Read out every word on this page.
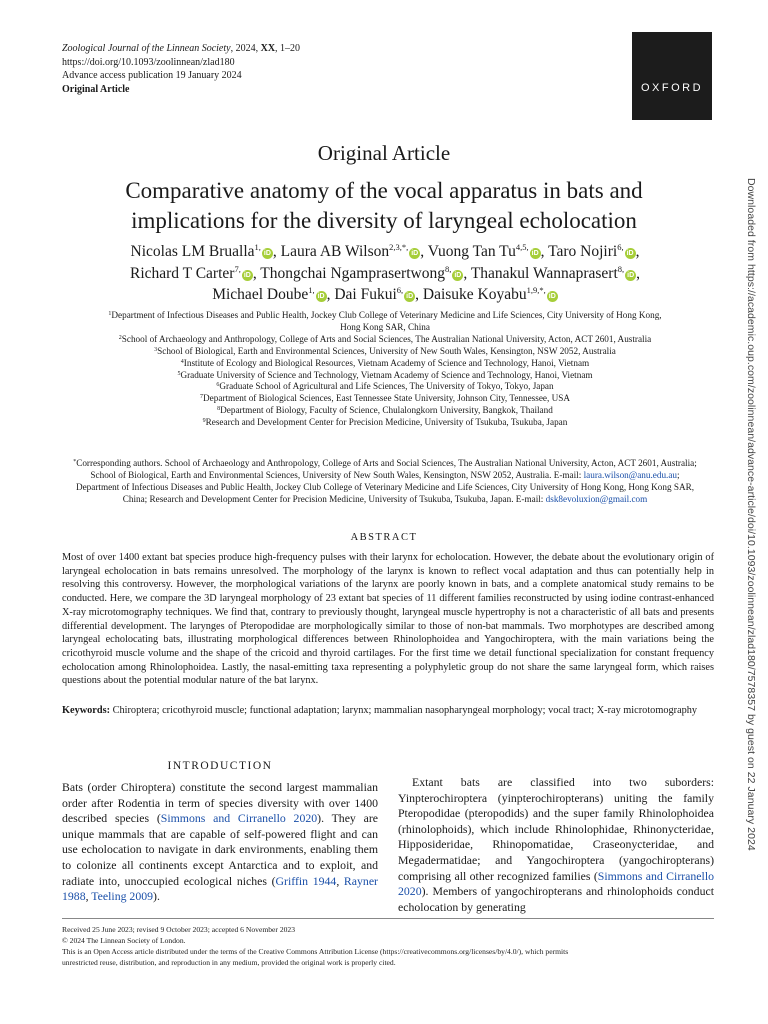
Zoological Journal of the Linnean Society, 2024, XX, 1–20
https://doi.org/10.1093/zoolinnean/zlad180
Advance access publication 19 January 2024
Original Article	OXFORD
Downloaded from https://academic.oup.com/zoolinnean/advance-article/doi/10.1093/zoolinnean/zlad180/7578357 by guest on 22 January 2024
Original Article
Comparative anatomy of the vocal apparatus in bats and
implications for the diversity of laryngeal echolocation
Nicolas LM Brualla$^{1,}$iD , Laura AB Wilson$^{2,3,*,}$iD , Vuong Tan $Tu^{4,5,}iD$ , Taro Nojiri$^{6,}$iD ,
Richard T Carter$^{7,}$iD , Thongchai Ngamprasertwong$^{8,}$iD , Thanakul Wannaprasert$^{8,}$iD ,
Michael Doube$^{1,}$iD , Dai Fukui$^{6,}$iD , Daisuke Koyabu$^{1,9,*,}$iD
$^1$Department of Infectious Diseases and Public Health, Jockey Club College of Veterinary Medicine and Life Sciences, City University of Hong Kong,
Hong Kong SAR, China
$^2$School of Archaeology and Anthropology, College of Arts and Social Sciences, The Australian National University, Acton, ACT 2601, Australia
$^3$School of Biological, Earth and Environmental Sciences, University of New South Wales, Kensington, NSW 2052, Australia
$^4$Institute of Ecology and Biological Resources, Vietnam Academy of Science and Technology, Hanoi, Vietnam
$^5$Graduate University of Science and Technology, Vietnam Academy of Science and Technology, Hanoi, Vietnam
$^6$Graduate School of Agricultural and Life Sciences, The University of Tokyo, Tokyo, Japan
$^7$Department of Biological Sciences, East Tennessee State University, Johnson City, Tennessee, USA
$^8$Department of Biology, Faculty of Science, Chulalongkorn University, Bangkok, Thailand
$^9$Research and Development Center for Precision Medicine, University of Tsukuba, Tsukuba, Japan
*Corresponding authors. School of Archaeology and Anthropology, College of Arts and Social Sciences, The Australian National University, Acton, ACT 2601, Australia;
School of Biological, Earth and Environmental Sciences, University of New South Wales, Kensington, NSW 2052, Australia. E-mail: laura.wilson@anu.edu.au;
Department of Infectious Diseases and Public Health, Jockey Club College of Veterinary Medicine and Life Sciences, City University of Hong Kong, Hong Kong SAR,
China; Research and Development Center for Precision Medicine, University of Tsukuba, Tsukuba, Japan. E-mail: dsk8evoluxion@gmail.com
ABSTRACT

Most of over 1400 extant bat species produce high-frequency pulses with their larynx for echolocation. However, the debate about the evolutionary origin of laryngeal echolocation in bats remains unresolved. The morphology of the larynx is known to reflect vocal adaptation and thus can potentially help in resolving this controversy. However, the morphological variations of the larynx are poorly known in bats, and a complete anatomical study remains to be conducted. Here, we compare the 3D laryngeal morphology of 23 extant bat species of 11 different families reconstructed by using iodine contrast-enhanced X-ray microtomography techniques. We find that, contrary to previously thought, laryngeal muscle hypertrophy is not a characteristic of all bats and presents differential development. The larynges of Pteropodidae are morphologically similar to those of non-bat mammals. Two morphotypes are described among laryngeal echolocating bats, illustrating morphological differences between Rhinolophoidea and Yangochiroptera, with the main variations being the cricothyroid muscle volume and the shape of the cricoid and thyroid cartilages. For the first time we detail functional specialization for constant frequency echolocation among Rhinolophoidea. Lastly, the nasal-emitting taxa representing a polyphyletic group do not share the same laryngeal form, which raises questions about the potential modular nature of the bat larynx.

Keywords: Chiroptera; cricothyroid muscle; functional adaptation; larynx; mammalian nasopharyngeal morphology; vocal tract; X-ray microtomography

INTRODUCTION

Bats (order Chiroptera) constitute the second largest mammalian order after Rodentia in term of species diversity with over 1400 described species (Simmons and Cirranello 2020). They are unique mammals that are capable of self-powered flight and can use echolocation to navigate in dark environments, enabling them to colonize all continents except Antarctica and to exploit, and radiate into, unoccupied ecological niches (Griffin 1944, Rayner 1988, Teeling 2009).

Extant bats are classified into two suborders: Yinpterochiroptera (yinpterochiropterans) uniting the family Pteropodidae (pteropodids) and the super family Rhinolophoidea (rhinolophoids), which include Rhinolophidae, Rhinonycteridae, Hipposideridae, Rhinopomatidae, Craseonycteridae, and Megadermatidae; and Yangochiroptera (yangochiropterans) comprising all other recognized families (Simmons and Cirranello 2020). Members of yangochiropterans and rhinolophoids conduct echolocation by generating

Received 25 June 2023; revised 9 October 2023; accepted 6 November 2023
© 2024 The Linnean Society of London.
This is an Open Access article distributed under the terms of the Creative Commons Attribution License (https://creativecommons.org/licenses/by/4.0/), which permits
unrestricted reuse, distribution, and reproduction in any medium, provided the original work is properly cited.
